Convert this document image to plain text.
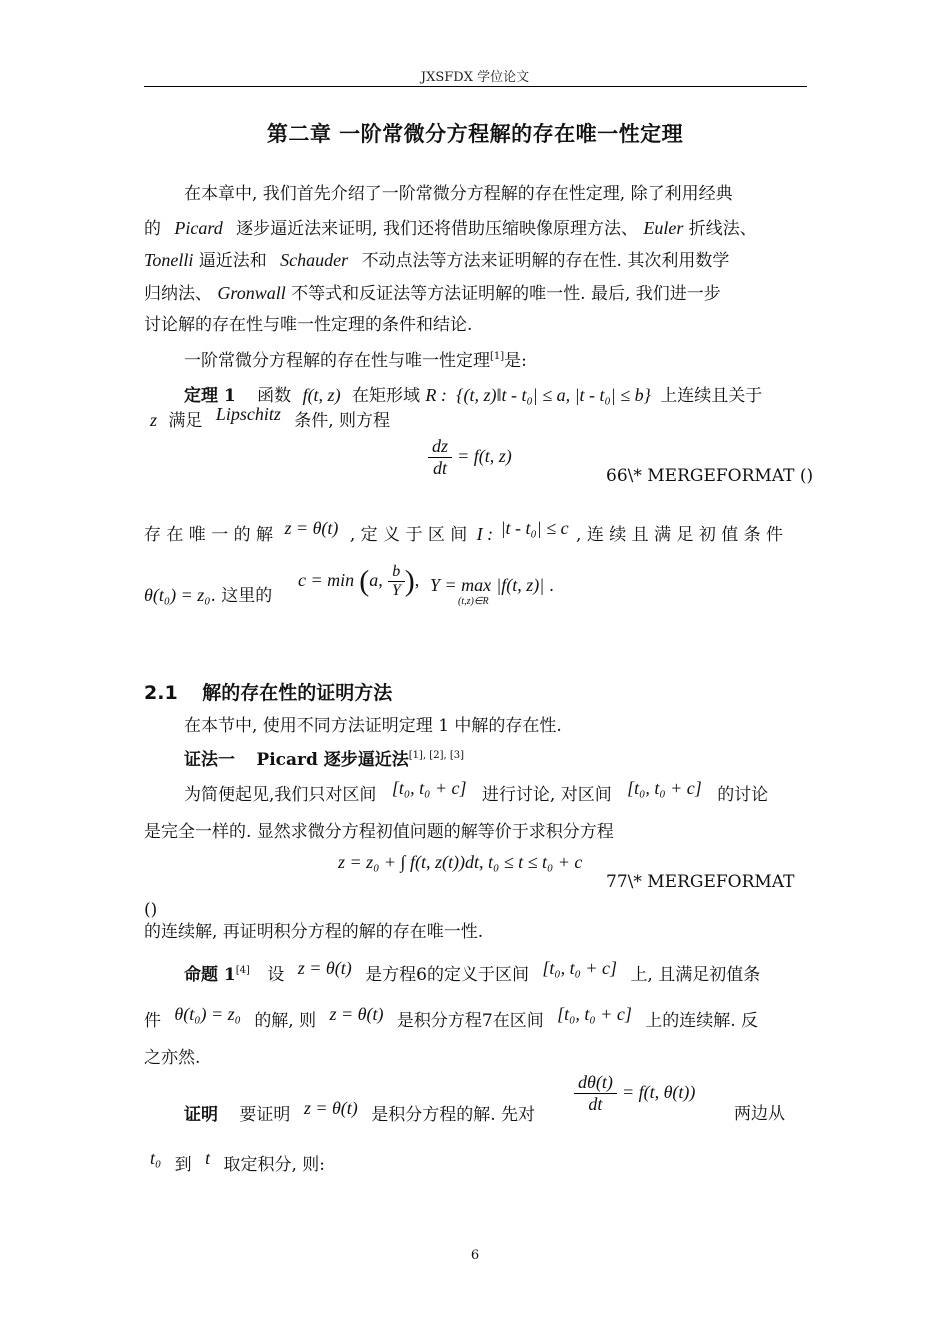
JXSFDX 学位论文
第二章 一阶常微分方程解的存在唯一性定理
在本章中, 我们首先介绍了一阶常微分方程解的存在性定理, 除了利用经典
的 Picard 逐步逼近法来证明, 我们还将借助压缩映像原理方法、 Euler 折线法、
Tonelli 逼近法和 Schauder 不动点法等方法来证明解的存在性. 其次利用数学
归纳法、 Gronwall 不等式和反证法等方法证明解的唯一性. 最后, 我们进一步
讨论解的存在性与唯一性定理的条件和结论.
一阶常微分方程解的存在性与唯一性定理[1]是:
定理 1 函数 f(t, z) 在矩形域 R : {(t, z)‖t - t₀| ≤ a, |t - t₀| ≤ b} 上连续且关于
z 满足 Lipschitz 条件, 则方程
$\frac{dz}{dt} = f(t$, z)
66\* MERGEFORMAT ()
存 在 唯 一 的 解 z = θ(t) , 定 义 于 区 间 I : |t - t₀| ≤ c , 连 续 且 满 足 初 值 条 件
θ(t₀) = z₀. 这里的
c = min (a, $\frac{b}{Y}$ ), Y = max |f(t, z)| .
(t,z)∈R
2.1 解的存在性的证明方法
在本节中, 使用不同方法证明定理 1 中解的存在性.
证法一 Picard 逐步逼近法[1], [2], [3]
为简便起见,我们只对区间 [t₀, t₀ + c] 进行讨论, 对区间 [t₀, t₀ + c] 的讨论
是完全一样的. 显然求微分方程初值问题的解等价于求积分方程
z = z₀ + ∫ f(t, z(t))dt, t₀ ≤ t ≤ t₀ + c
77\* MERGEFORMAT
()
的连续解, 再证明积分方程的解的存在唯一性.
命题 1[4] 设 z = θ(t) 是方程6的定义于区间 [t₀, t₀ + c] 上, 且满足初值条
件 θ(t₀) = z₀ 的解, 则 z = θ(t) 是积分方程7在区间 [t₀, t₀ + c] 上的连续解. 反
之亦然.
证明 要证明 z = θ(t) 是积分方程的解. 先对 $\frac{d\theta(t)}{dt} = f(t$, θ(t))
两边从
t₀ 到 t 取定积分, 则:
6
